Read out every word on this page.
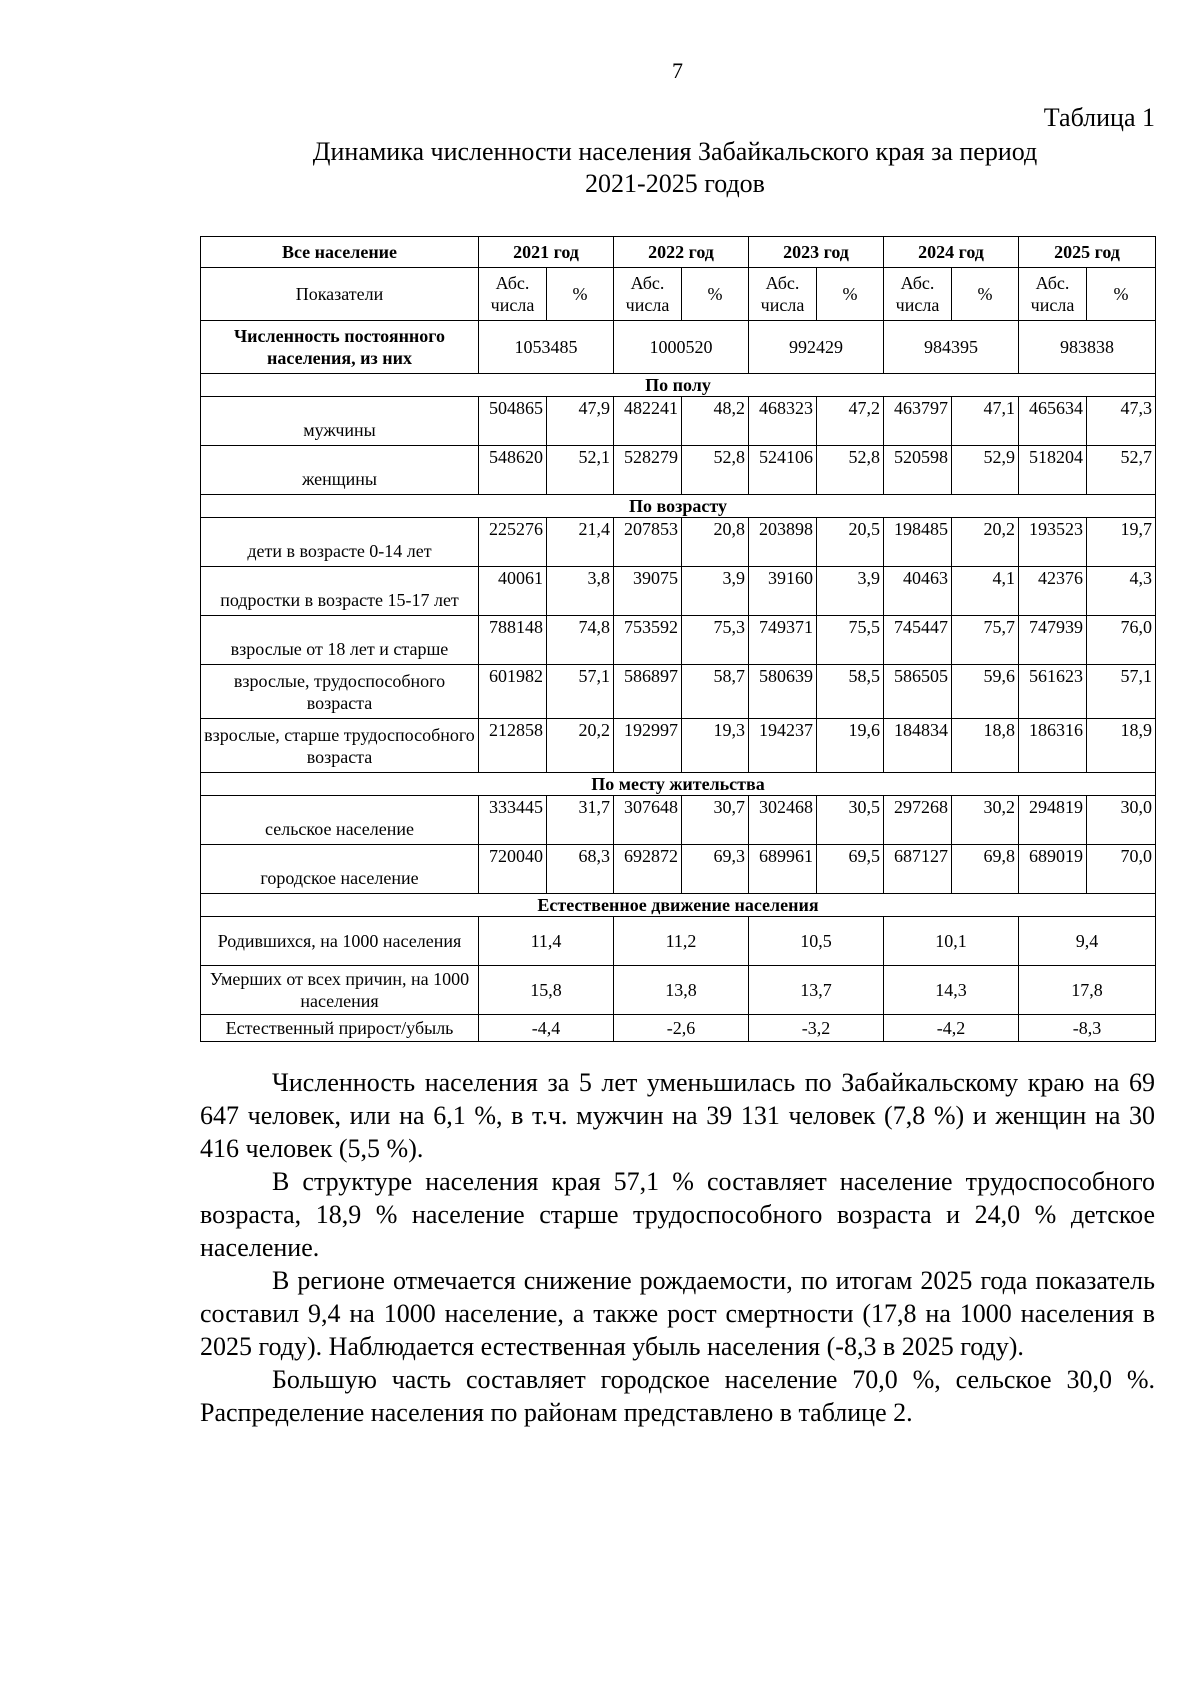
7
Таблица 1
Динамика численности населения Забайкальского края за период
2021-2025 годов
Все население	2021 год		2022 год		2023 год		2024 год		2025 год	
Показатели	Абс. числа	%	Абс. числа	%	Абс. числа	%	Абс. числа	%	Абс. числа	%
Численность постоянного населения, из них	1053485		1000520		992429		984395		983838	
По полу										
мужчины	504865	47,9	482241	48,2	468323	47,2	463797	47,1	465634	47,3
женщины	548620	52,1	528279	52,8	524106	52,8	520598	52,9	518204	52,7
По возрасту										
дети в возрасте 0-14 лет	225276	21,4	207853	20,8	203898	20,5	198485	20,2	193523	19,7
подростки в возрасте 15-17 лет	40061	3,8	39075	3,9	39160	3,9	40463	4,1	42376	4,3
взрослые от 18 лет и старше	788148	74,8	753592	75,3	749371	75,5	745447	75,7	747939	76,0
взрослые, трудоспособного возраста	601982	57,1	586897	58,7	580639	58,5	586505	59,6	561623	57,1
взрослые, старше трудоспособного возраста	212858	20,2	192997	19,3	194237	19,6	184834	18,8	186316	18,9
По месту жительства										
сельское население	333445	31,7	307648	30,7	302468	30,5	297268	30,2	294819	30,0
городское население	720040	68,3	692872	69,3	689961	69,5	687127	69,8	689019	70,0
Естественное движение населения										
Родившихся, на 1000 населения	11,4		11,2		10,5		10,1		9,4	
Умерших от всех причин, на 1000 населения	15,8		13,8		13,7		14,3		17,8	
Естественный прирост/убыль	-4,4		-2,6		-3,2		-4,2		-8,3	

Численность населения за 5 лет уменьшилась по Забайкальскому краю на 69 647 человек, или на 6,1 %, в т.ч. мужчин на 39 131 человек (7,8 %) и женщин на 30 416 человек (5,5 %).

В структуре населения края 57,1 % составляет население трудоспособного возраста, 18,9 % население старше трудоспособного возраста и 24,0 % детское население.

В регионе отмечается снижение рождаемости, по итогам 2025 года показатель составил 9,4 на 1000 население, а также рост смертности (17,8 на 1000 населения в 2025 году). Наблюдается естественная убыль населения (-8,3 в 2025 году).

Большую часть составляет городское население 70,0 %, сельское 30,0 %. Распределение населения по районам представлено в таблице 2.
